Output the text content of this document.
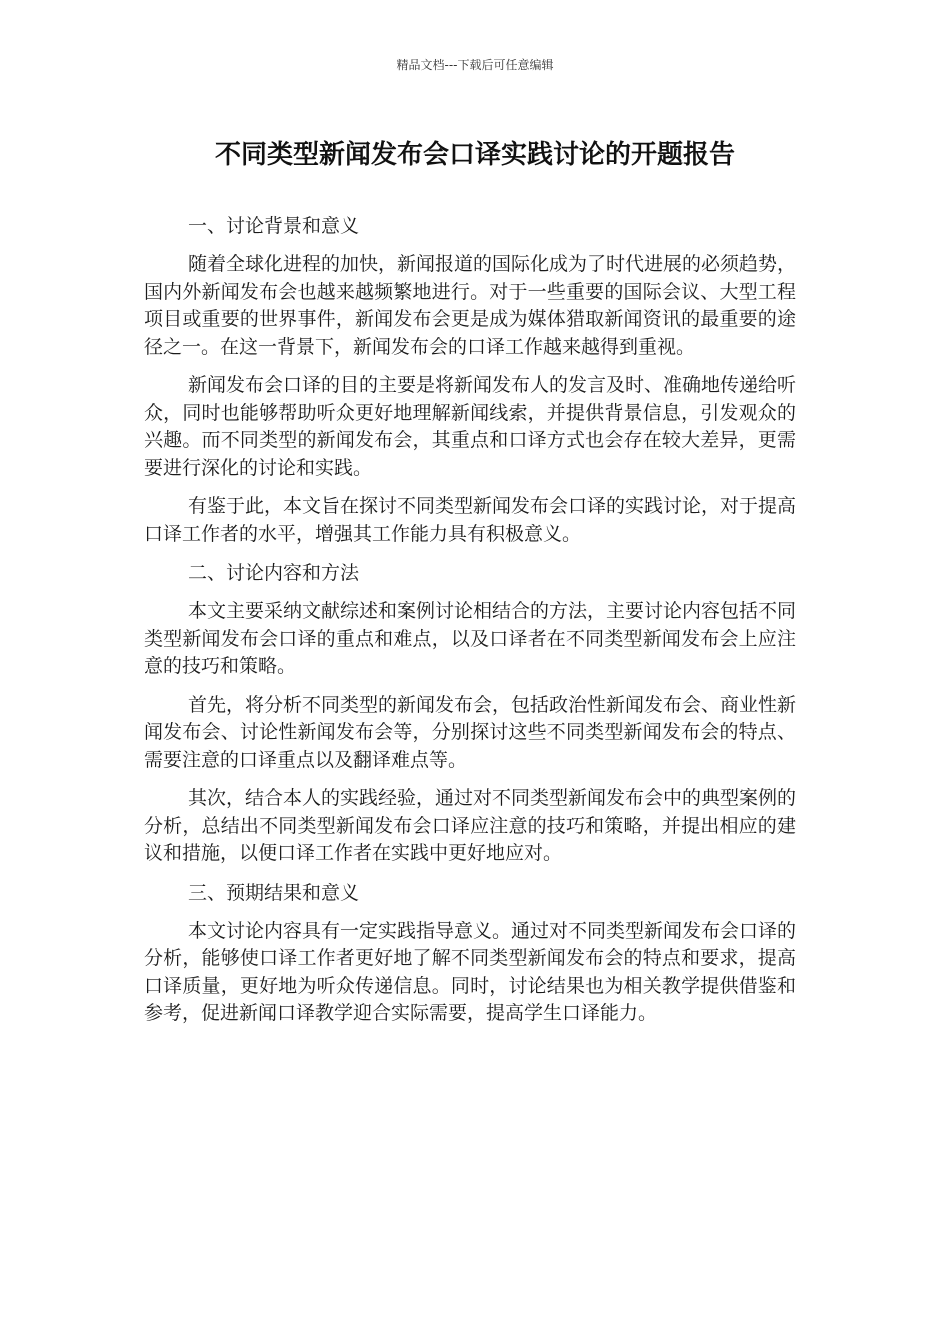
精品文档---下载后可任意编辑
不同类型新闻发布会口译实践讨论的开题报告
一、讨论背景和意义

随着全球化进程的加快，新闻报道的国际化成为了时代进展的必须趋势，国内外新闻发布会也越来越频繁地进行。对于一些重要的国际会议、大型工程项目或重要的世界事件，新闻发布会更是成为媒体猎取新闻资讯的最重要的途径之一。在这一背景下，新闻发布会的口译工作越来越得到重视。

新闻发布会口译的目的主要是将新闻发布人的发言及时、准确地传递给听众，同时也能够帮助听众更好地理解新闻线索，并提供背景信息，引发观众的兴趣。而不同类型的新闻发布会，其重点和口译方式也会存在较大差异，更需要进行深化的讨论和实践。

有鉴于此，本文旨在探讨不同类型新闻发布会口译的实践讨论，对于提高口译工作者的水平，增强其工作能力具有积极意义。

二、讨论内容和方法

本文主要采纳文献综述和案例讨论相结合的方法，主要讨论内容包括不同类型新闻发布会口译的重点和难点，以及口译者在不同类型新闻发布会上应注意的技巧和策略。

首先，将分析不同类型的新闻发布会，包括政治性新闻发布会、商业性新闻发布会、讨论性新闻发布会等，分别探讨这些不同类型新闻发布会的特点、需要注意的口译重点以及翻译难点等。

其次，结合本人的实践经验，通过对不同类型新闻发布会中的典型案例的分析，总结出不同类型新闻发布会口译应注意的技巧和策略，并提出相应的建议和措施，以便口译工作者在实践中更好地应对。

三、预期结果和意义

本文讨论内容具有一定实践指导意义。通过对不同类型新闻发布会口译的分析，能够使口译工作者更好地了解不同类型新闻发布会的特点和要求，提高口译质量，更好地为听众传递信息。同时，讨论结果也为相关教学提供借鉴和参考，促进新闻口译教学迎合实际需要，提高学生口译能力。
